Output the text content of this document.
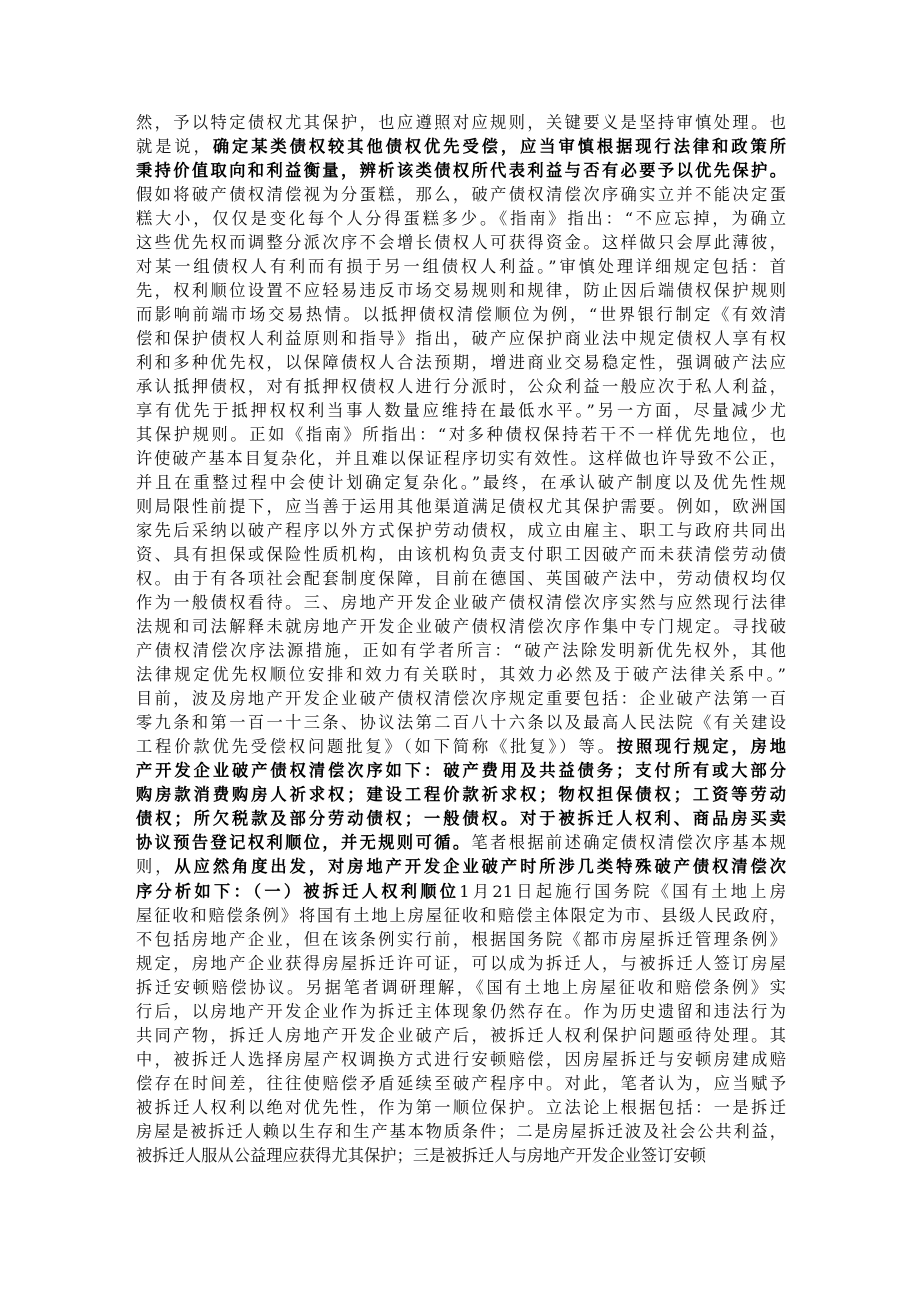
然，予以特定债权尤其保护，也应遵照对应规则，关键要义是坚持审慎处理。也
就是说，确定某类债权较其他债权优先受偿，应当审慎根据现行法律和政策所
秉持价值取向和利益衡量，辨析该类债权所代表利益与否有必要予以优先保护。
假如将破产债权清偿视为分蛋糕，那么，破产债权清偿次序确实立并不能决定蛋
糕大小，仅仅是变化每个人分得蛋糕多少。《指南》指出：“不应忘掉，为确立
这些优先权而调整分派次序不会增长债权人可获得资金。这样做只会厚此薄彼，
对某一组债权人有利而有损于另一组债权人利益。”审慎处理详细规定包括：首
先，权利顺位设置不应轻易违反市场交易规则和规律，防止因后端债权保护规则
而影响前端市场交易热情。以抵押债权清偿顺位为例，“世界银行制定《有效清
偿和保护债权人利益原则和指导》指出，破产应保护商业法中规定债权人享有权
利和多种优先权，以保障债权人合法预期，增进商业交易稳定性，强调破产法应
承认抵押债权，对有抵押权债权人进行分派时，公众利益一般应次于私人利益，
享有优先于抵押权权利当事人数量应维持在最低水平。”另一方面，尽量减少尤
其保护规则。正如《指南》所指出：“对多种债权保持若干不一样优先地位，也
许使破产基本目复杂化，并且难以保证程序切实有效性。这样做也许导致不公正，
并且在重整过程中会使计划确定复杂化。”最终，在承认破产制度以及优先性规
则局限性前提下，应当善于运用其他渠道满足债权尤其保护需要。例如，欧洲国
家先后采纳以破产程序以外方式保护劳动债权，成立由雇主、职工与政府共同出
资、具有担保或保险性质机构，由该机构负责支付职工因破产而未获清偿劳动债
权。由于有各项社会配套制度保障，目前在德国、英国破产法中，劳动债权均仅
作为一般债权看待。三、房地产开发企业破产债权清偿次序实然与应然现行法律
法规和司法解释未就房地产开发企业破产债权清偿次序作集中专门规定。寻找破
产债权清偿次序法源措施，正如有学者所言：“破产法除发明新优先权外，其他
法律规定优先权顺位安排和效力有关联时，其效力必然及于破产法律关系中。”
目前，波及房地产开发企业破产债权清偿次序规定重要包括：企业破产法第一百
零九条和第一百一十三条、协议法第二百八十六条以及最高人民法院《有关建设
工程价款优先受偿权问题批复》（如下简称《批复》）等。按照现行规定，房地
产开发企业破产债权清偿次序如下：破产费用及共益债务；支付所有或大部分
购房款消费购房人祈求权；建设工程价款祈求权；物权担保债权；工资等劳动
债权；所欠税款及部分劳动债权；一般债权。对于被拆迁人权利、商品房买卖
协议预告登记权利顺位，并无规则可循。笔者根据前述确定债权清偿次序基本规
则，从应然角度出发，对房地产开发企业破产时所涉几类特殊破产债权清偿次
序分析如下：（一）被拆迁人权利顺位1月21日起施行国务院《国有土地上房
屋征收和赔偿条例》将国有土地上房屋征收和赔偿主体限定为市、县级人民政府，
不包括房地产企业，但在该条例实行前，根据国务院《都市房屋拆迁管理条例》
规定，房地产企业获得房屋拆迁许可证，可以成为拆迁人，与被拆迁人签订房屋
拆迁安顿赔偿协议。另据笔者调研理解，《国有土地上房屋征收和赔偿条例》实
行后，以房地产开发企业作为拆迁主体现象仍然存在。作为历史遗留和违法行为
共同产物，拆迁人房地产开发企业破产后，被拆迁人权利保护问题亟待处理。其
中，被拆迁人选择房屋产权调换方式进行安顿赔偿，因房屋拆迁与安顿房建成赔
偿存在时间差，往往使赔偿矛盾延续至破产程序中。对此，笔者认为，应当赋予
被拆迁人权利以绝对优先性，作为第一顺位保护。立法论上根据包括：一是拆迁
房屋是被拆迁人赖以生存和生产基本物质条件；二是房屋拆迁波及社会公共利益，
被拆迁人服从公益理应获得尤其保护；三是被拆迁人与房地产开发企业签订安顿
